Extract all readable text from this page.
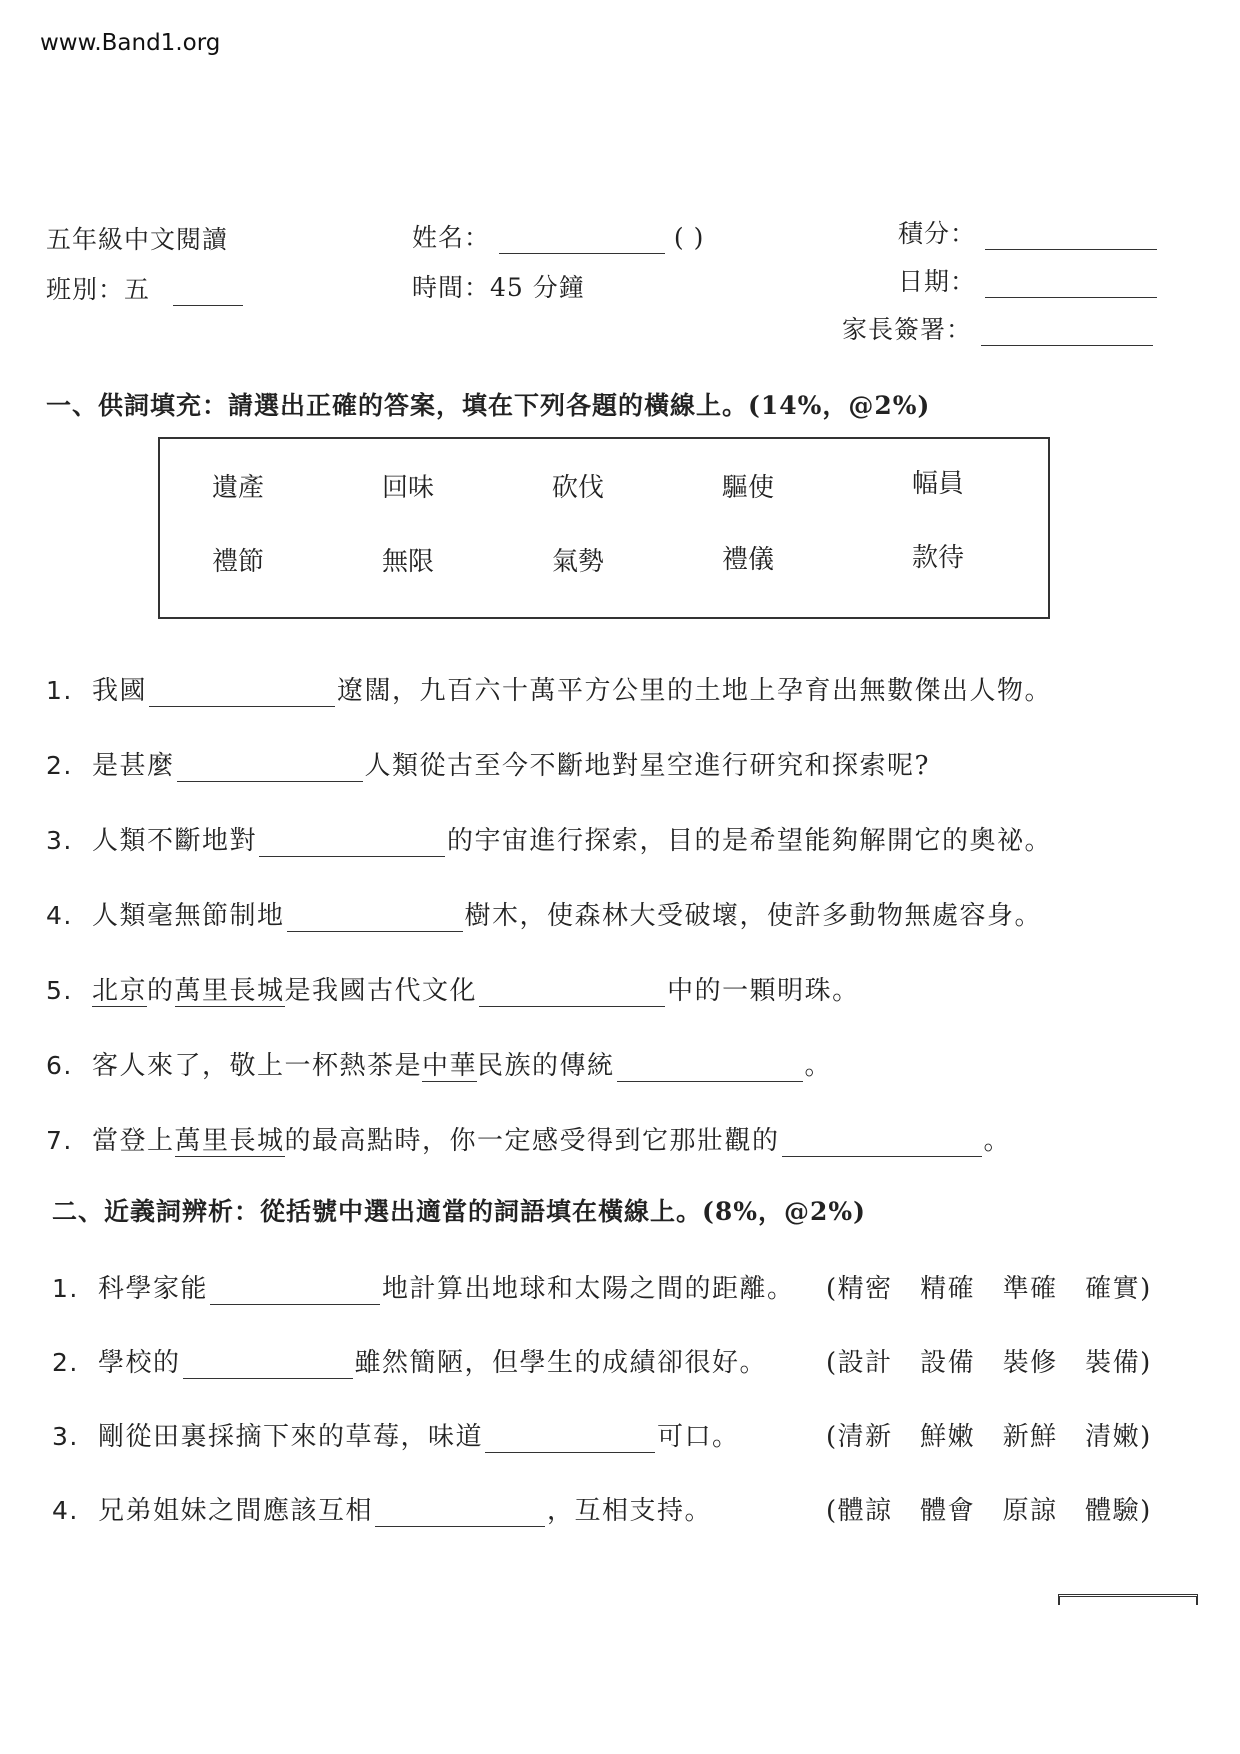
www.Band1.org
五年級中文閱讀
班別：五
姓名：	( )
時間：45 分鐘
積分：
日期：
家長簽署：
一、供詞填充：請選出正確的答案，填在下列各題的橫線上。(14%，@2%)
遺產	回味	砍伐	驅使	幅員
禮節	無限	氣勢	禮儀	款待
1. 我國	遼闊，九百六十萬平方公里的土地上孕育出無數傑出人物。
2. 是甚麼	人類從古至今不斷地對星空進行研究和探索呢?
3. 人類不斷地對	的宇宙進行探索，目的是希望能夠解開它的奧祕。
4. 人類毫無節制地	樹木，使森林大受破壞，使許多動物無處容身。
5. 北京的萬里長城是我國古代文化	中的一顆明珠。
6. 客人來了，敬上一杯熱茶是中華民族的傳統	。
7. 當登上萬里長城的最高點時，你一定感受得到它那壯觀的	。
二、近義詞辨析：從括號中選出適當的詞語填在橫線上。(8%，@2%)
1. 科學家能	地計算出地球和太陽之間的距離。 (精密　精確　準確　確實)
2. 學校的	雖然簡陋，但學生的成績卻很好。 (設計　設備　裝修　裝備)
3. 剛從田裏採摘下來的草莓，味道	可口。	(清新　鮮嫩　新鮮　清嫩)
4. 兄弟姐妹之間應該互相	，互相支持。	(體諒　體會　原諒　體驗)
